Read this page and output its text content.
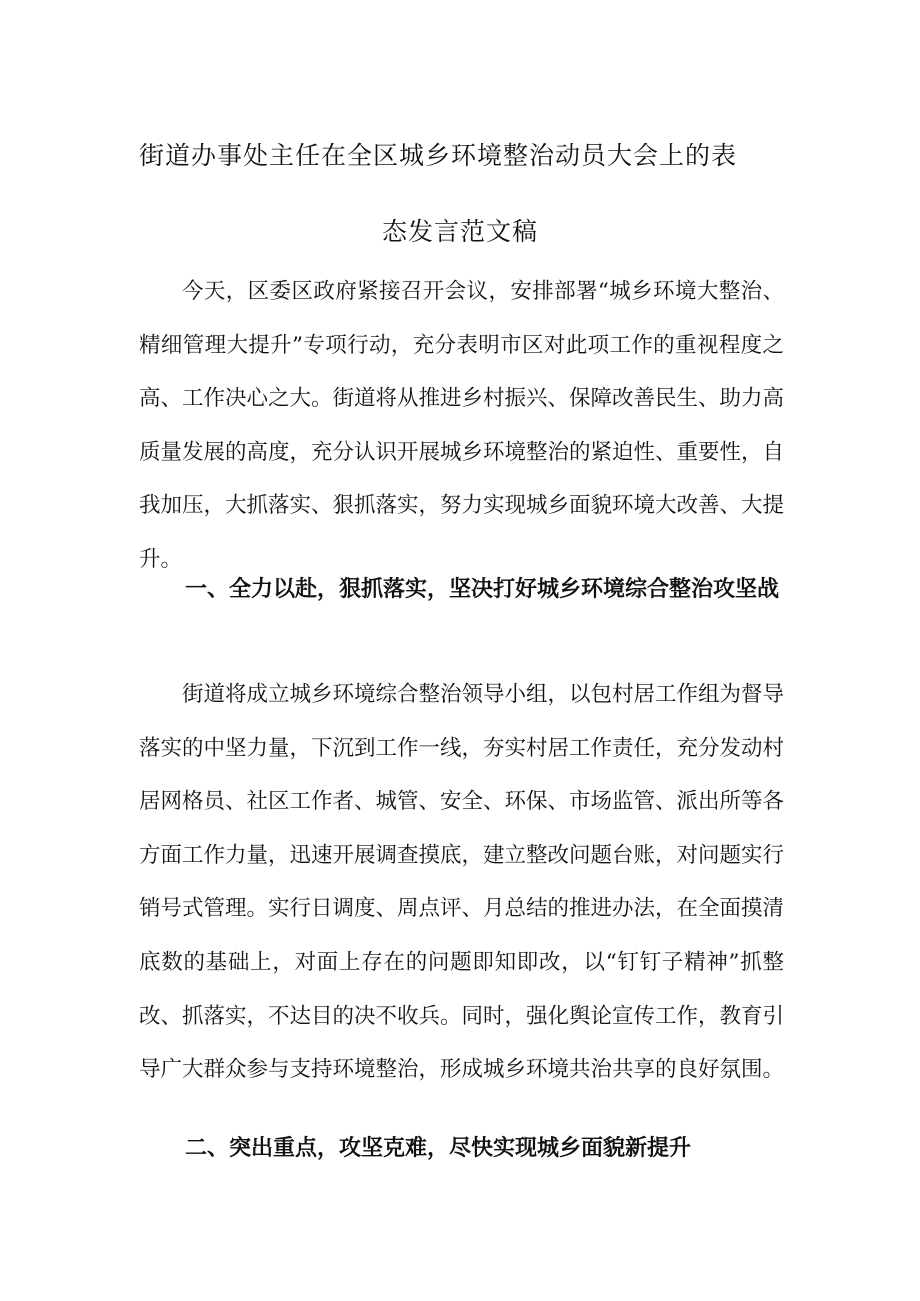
街道办事处主任在全区城乡环境整治动员大会上的表
态发言范文稿

今天，区委区政府紧接召开会议，安排部署“城乡环境大整治、精细管理大提升”专项行动，充分表明市区对此项工作的重视程度之高、工作决心之大。街道将从推进乡村振兴、保障改善民生、助力高质量发展的高度，充分认识开展城乡环境整治的紧迫性、重要性，自我加压，大抓落实、狠抓落实，努力实现城乡面貌环境大改善、大提升。

一、全力以赴，狠抓落实，坚决打好城乡环境综合整治攻坚战

街道将成立城乡环境综合整治领导小组，以包村居工作组为督导落实的中坚力量，下沉到工作一线，夯实村居工作责任，充分发动村居网格员、社区工作者、城管、安全、环保、市场监管、派出所等各方面工作力量，迅速开展调查摸底，建立整改问题台账，对问题实行销号式管理。实行日调度、周点评、月总结的推进办法，在全面摸清底数的基础上，对面上存在的问题即知即改，以“钉钉子精神”抓整改、抓落实，不达目的决不收兵。同时，强化舆论宣传工作，教育引导广大群众参与支持环境整治，形成城乡环境共治共享的良好氛围。

二、突出重点，攻坚克难，尽快实现城乡面貌新提升
